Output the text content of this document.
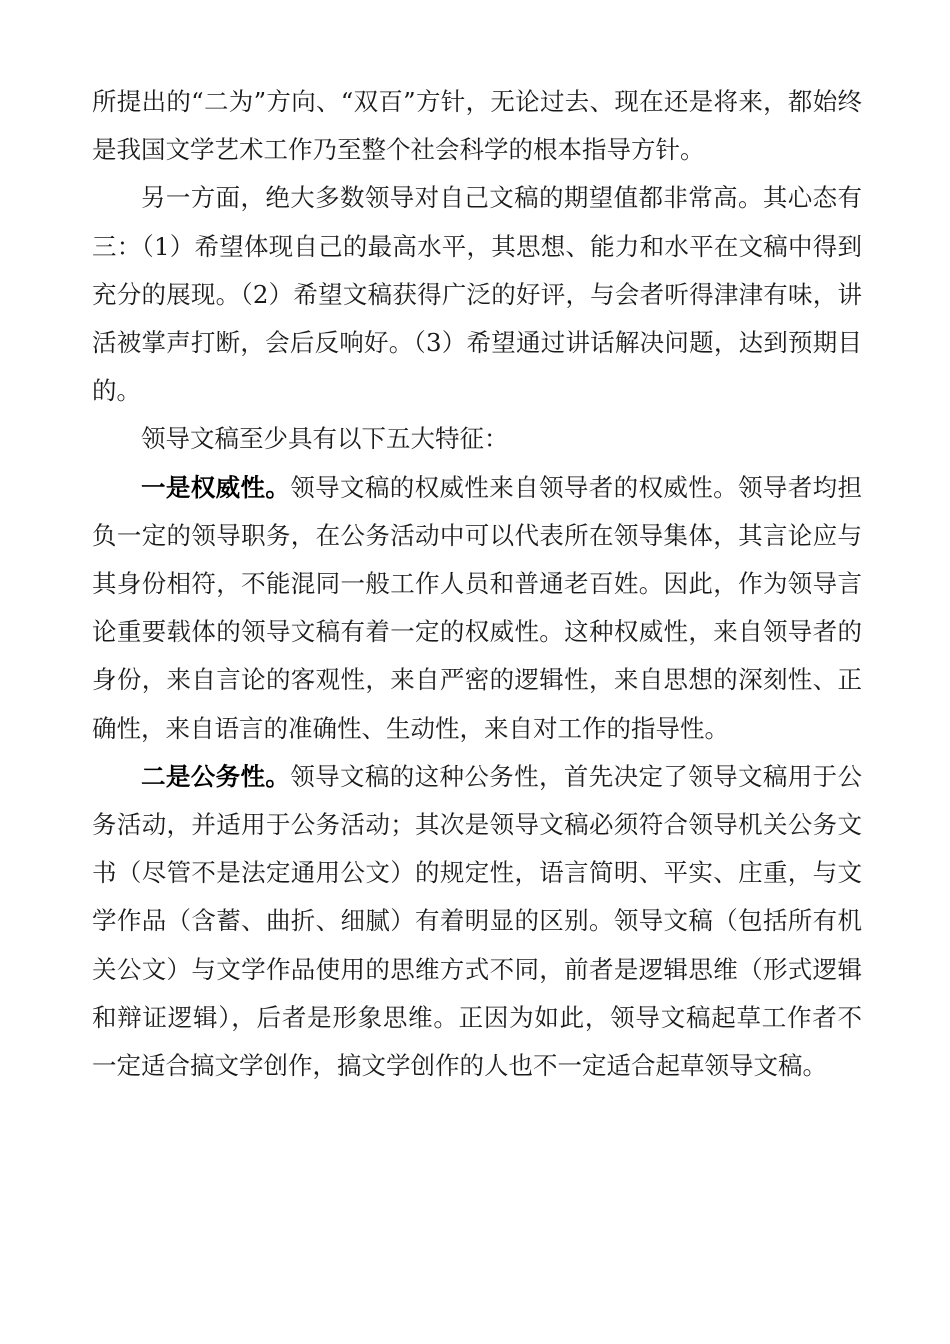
所提出的“二为”方向、“双百”方针，无论过去、现在还是将来，都始终是我国文学艺术工作乃至整个社会科学的根本指导方针。

另一方面，绝大多数领导对自己文稿的期望值都非常高。其心态有三：（1）希望体现自己的最高水平，其思想、能力和水平在文稿中得到充分的展现。（2）希望文稿获得广泛的好评，与会者听得津津有味，讲活被掌声打断，会后反响好。（3）希望通过讲话解决问题，达到预期目的。

领导文稿至少具有以下五大特征：

一是权威性。领导文稿的权威性来自领导者的权威性。领导者均担负一定的领导职务，在公务活动中可以代表所在领导集体，其言论应与其身份相符，不能混同一般工作人员和普通老百姓。因此，作为领导言论重要载体的领导文稿有着一定的权威性。这种权威性，来自领导者的身份，来自言论的客观性，来自严密的逻辑性，来自思想的深刻性、正确性，来自语言的准确性、生动性，来自对工作的指导性。

二是公务性。领导文稿的这种公务性，首先决定了领导文稿用于公务活动，并适用于公务活动；其次是领导文稿必须符合领导机关公务文书（尽管不是法定通用公文）的规定性，语言简明、平实、庄重，与文学作品（含蓄、曲折、细腻）有着明显的区别。领导文稿（包括所有机关公文）与文学作品使用的思维方式不同，前者是逻辑思维（形式逻辑和辩证逻辑），后者是形象思维。正因为如此，领导文稿起草工作者不一定适合搞文学创作，搞文学创作的人也不一定适合起草领导文稿。
